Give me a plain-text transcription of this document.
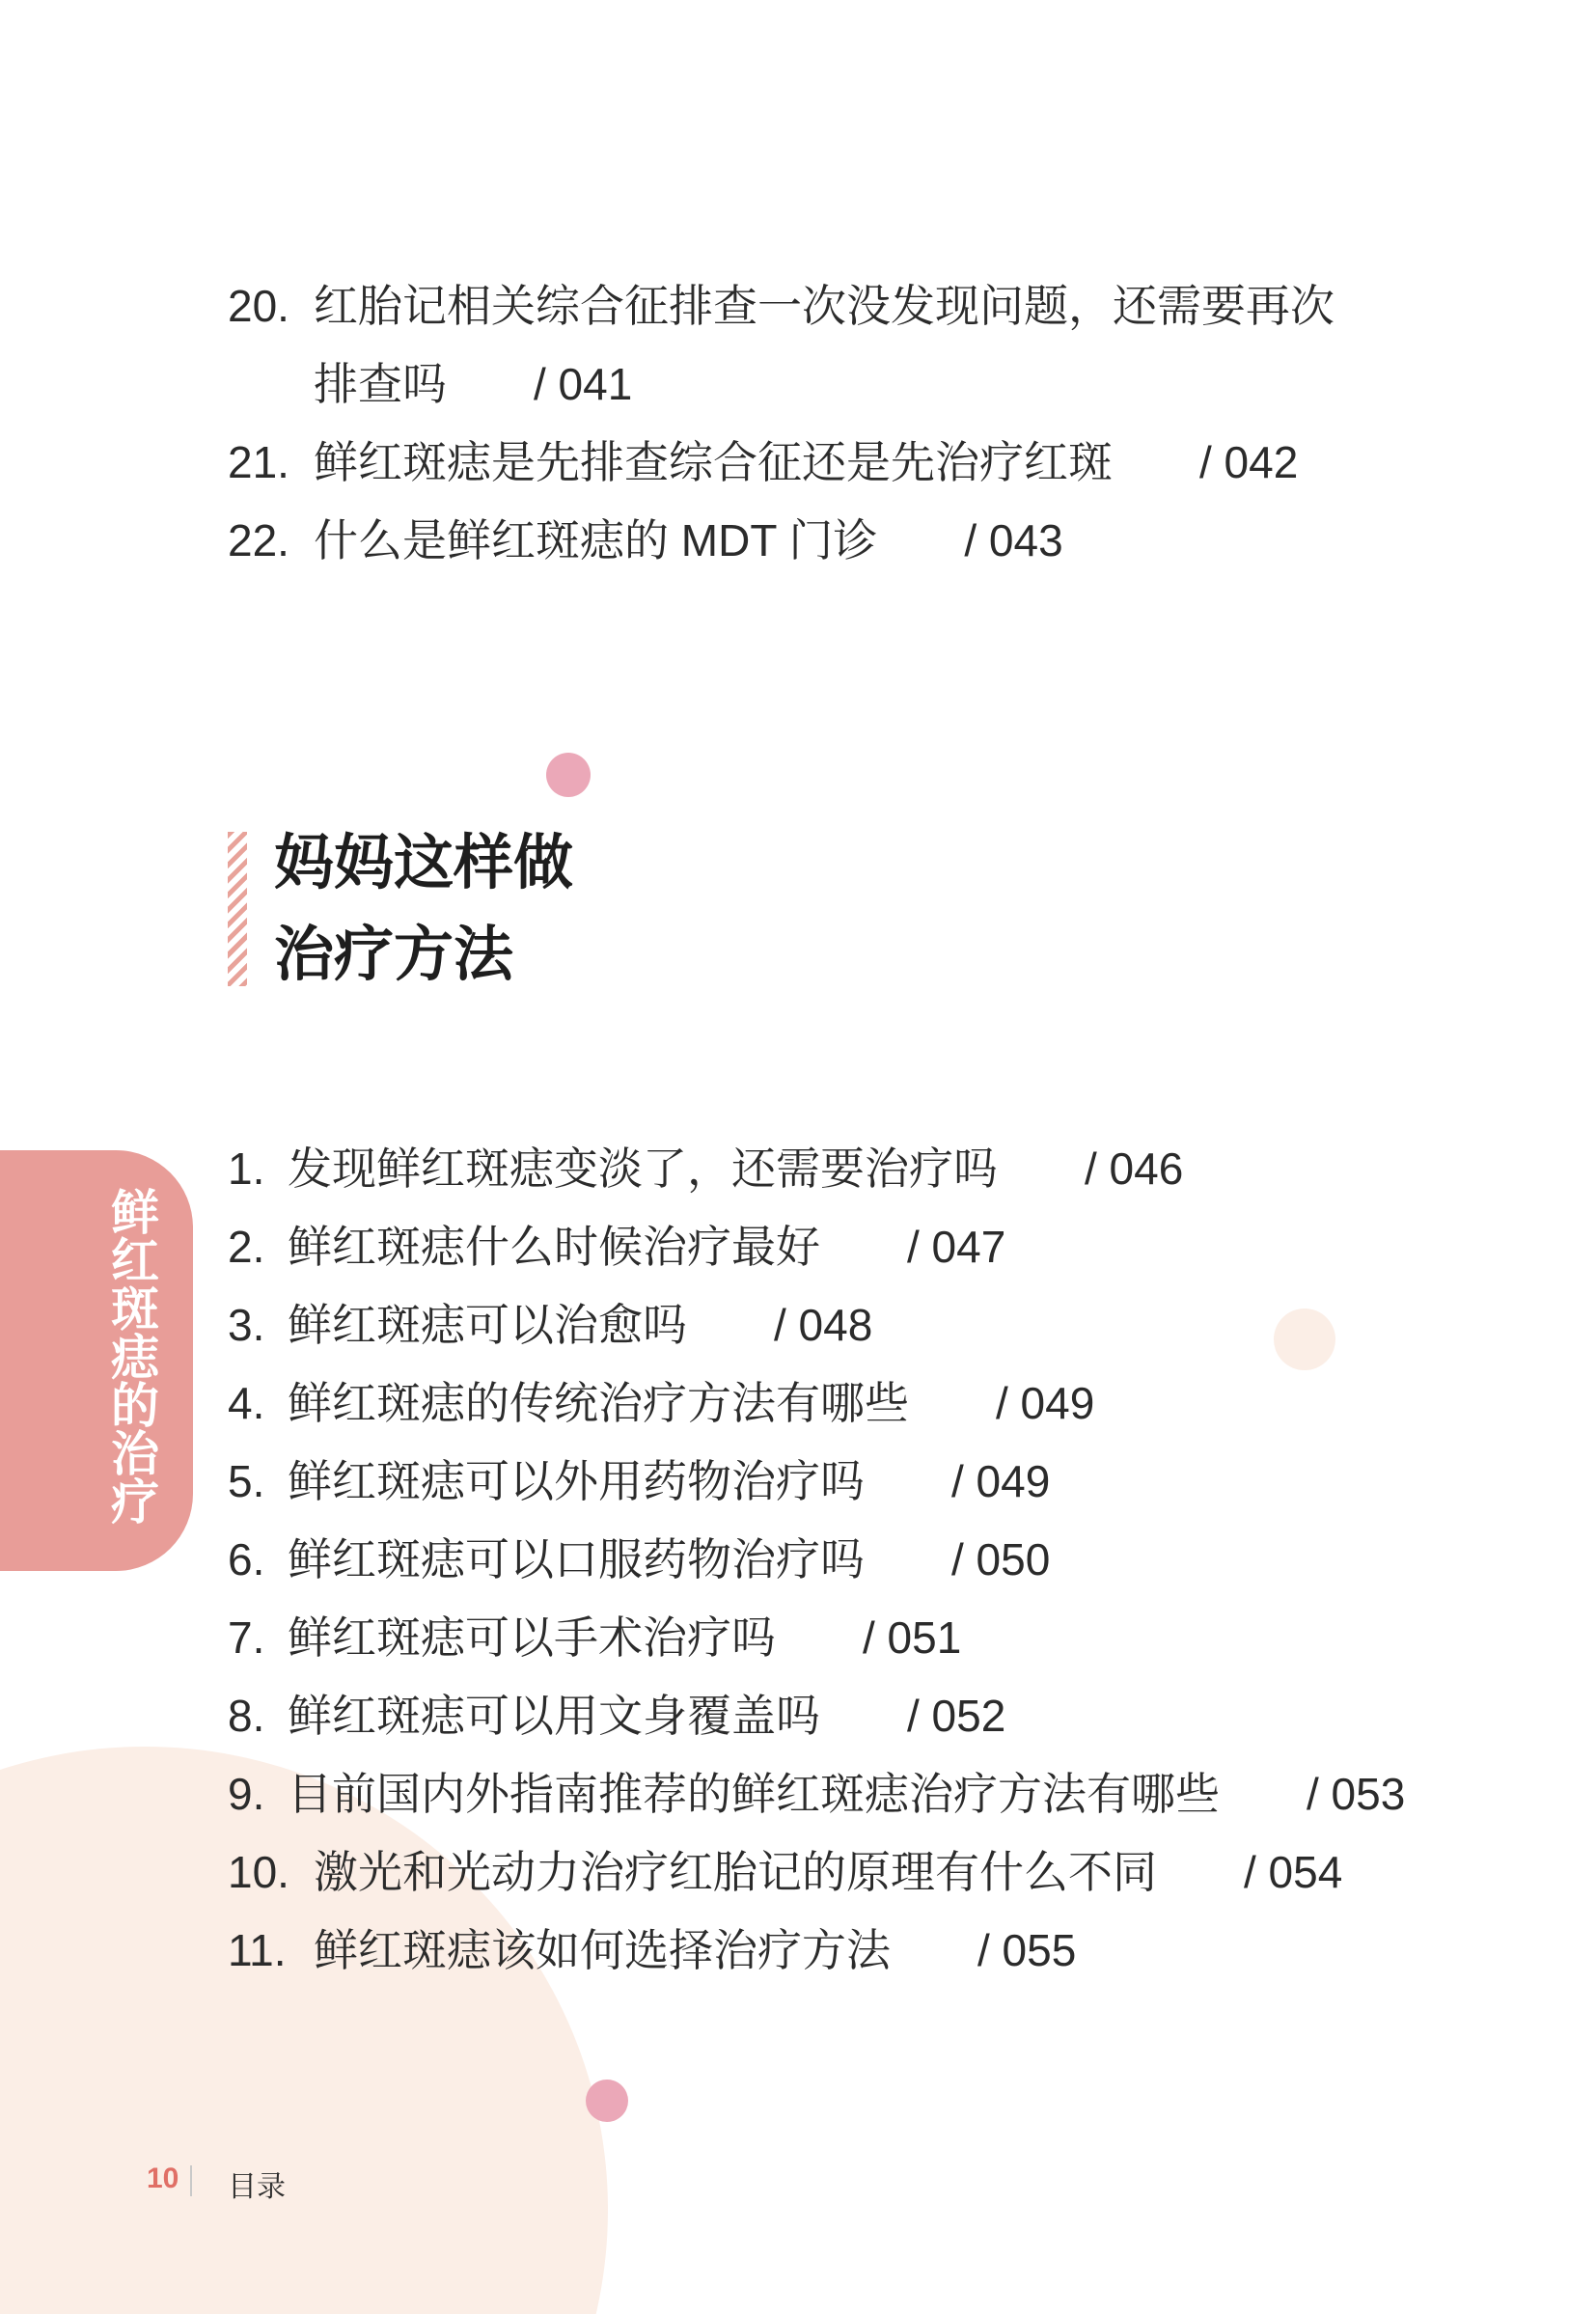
鲜红斑痣的治疗
20. 红胎记相关综合征排查一次没发现问题，还需要再次
排查吗 / 041
21. 鲜红斑痣是先排查综合征还是先治疗红斑 / 042
22. 什么是鲜红斑痣的 MDT 门诊 / 043
妈妈这样做
治疗方法
1. 发现鲜红斑痣变淡了，还需要治疗吗 / 046
2. 鲜红斑痣什么时候治疗最好 / 047
3. 鲜红斑痣可以治愈吗 / 048
4. 鲜红斑痣的传统治疗方法有哪些 / 049
5. 鲜红斑痣可以外用药物治疗吗 / 049
6. 鲜红斑痣可以口服药物治疗吗 / 050
7. 鲜红斑痣可以手术治疗吗 / 051
8. 鲜红斑痣可以用文身覆盖吗 / 052
9. 目前国内外指南推荐的鲜红斑痣治疗方法有哪些 / 053
10. 激光和光动力治疗红胎记的原理有什么不同 / 054
11. 鲜红斑痣该如何选择治疗方法 / 055
10 目录
